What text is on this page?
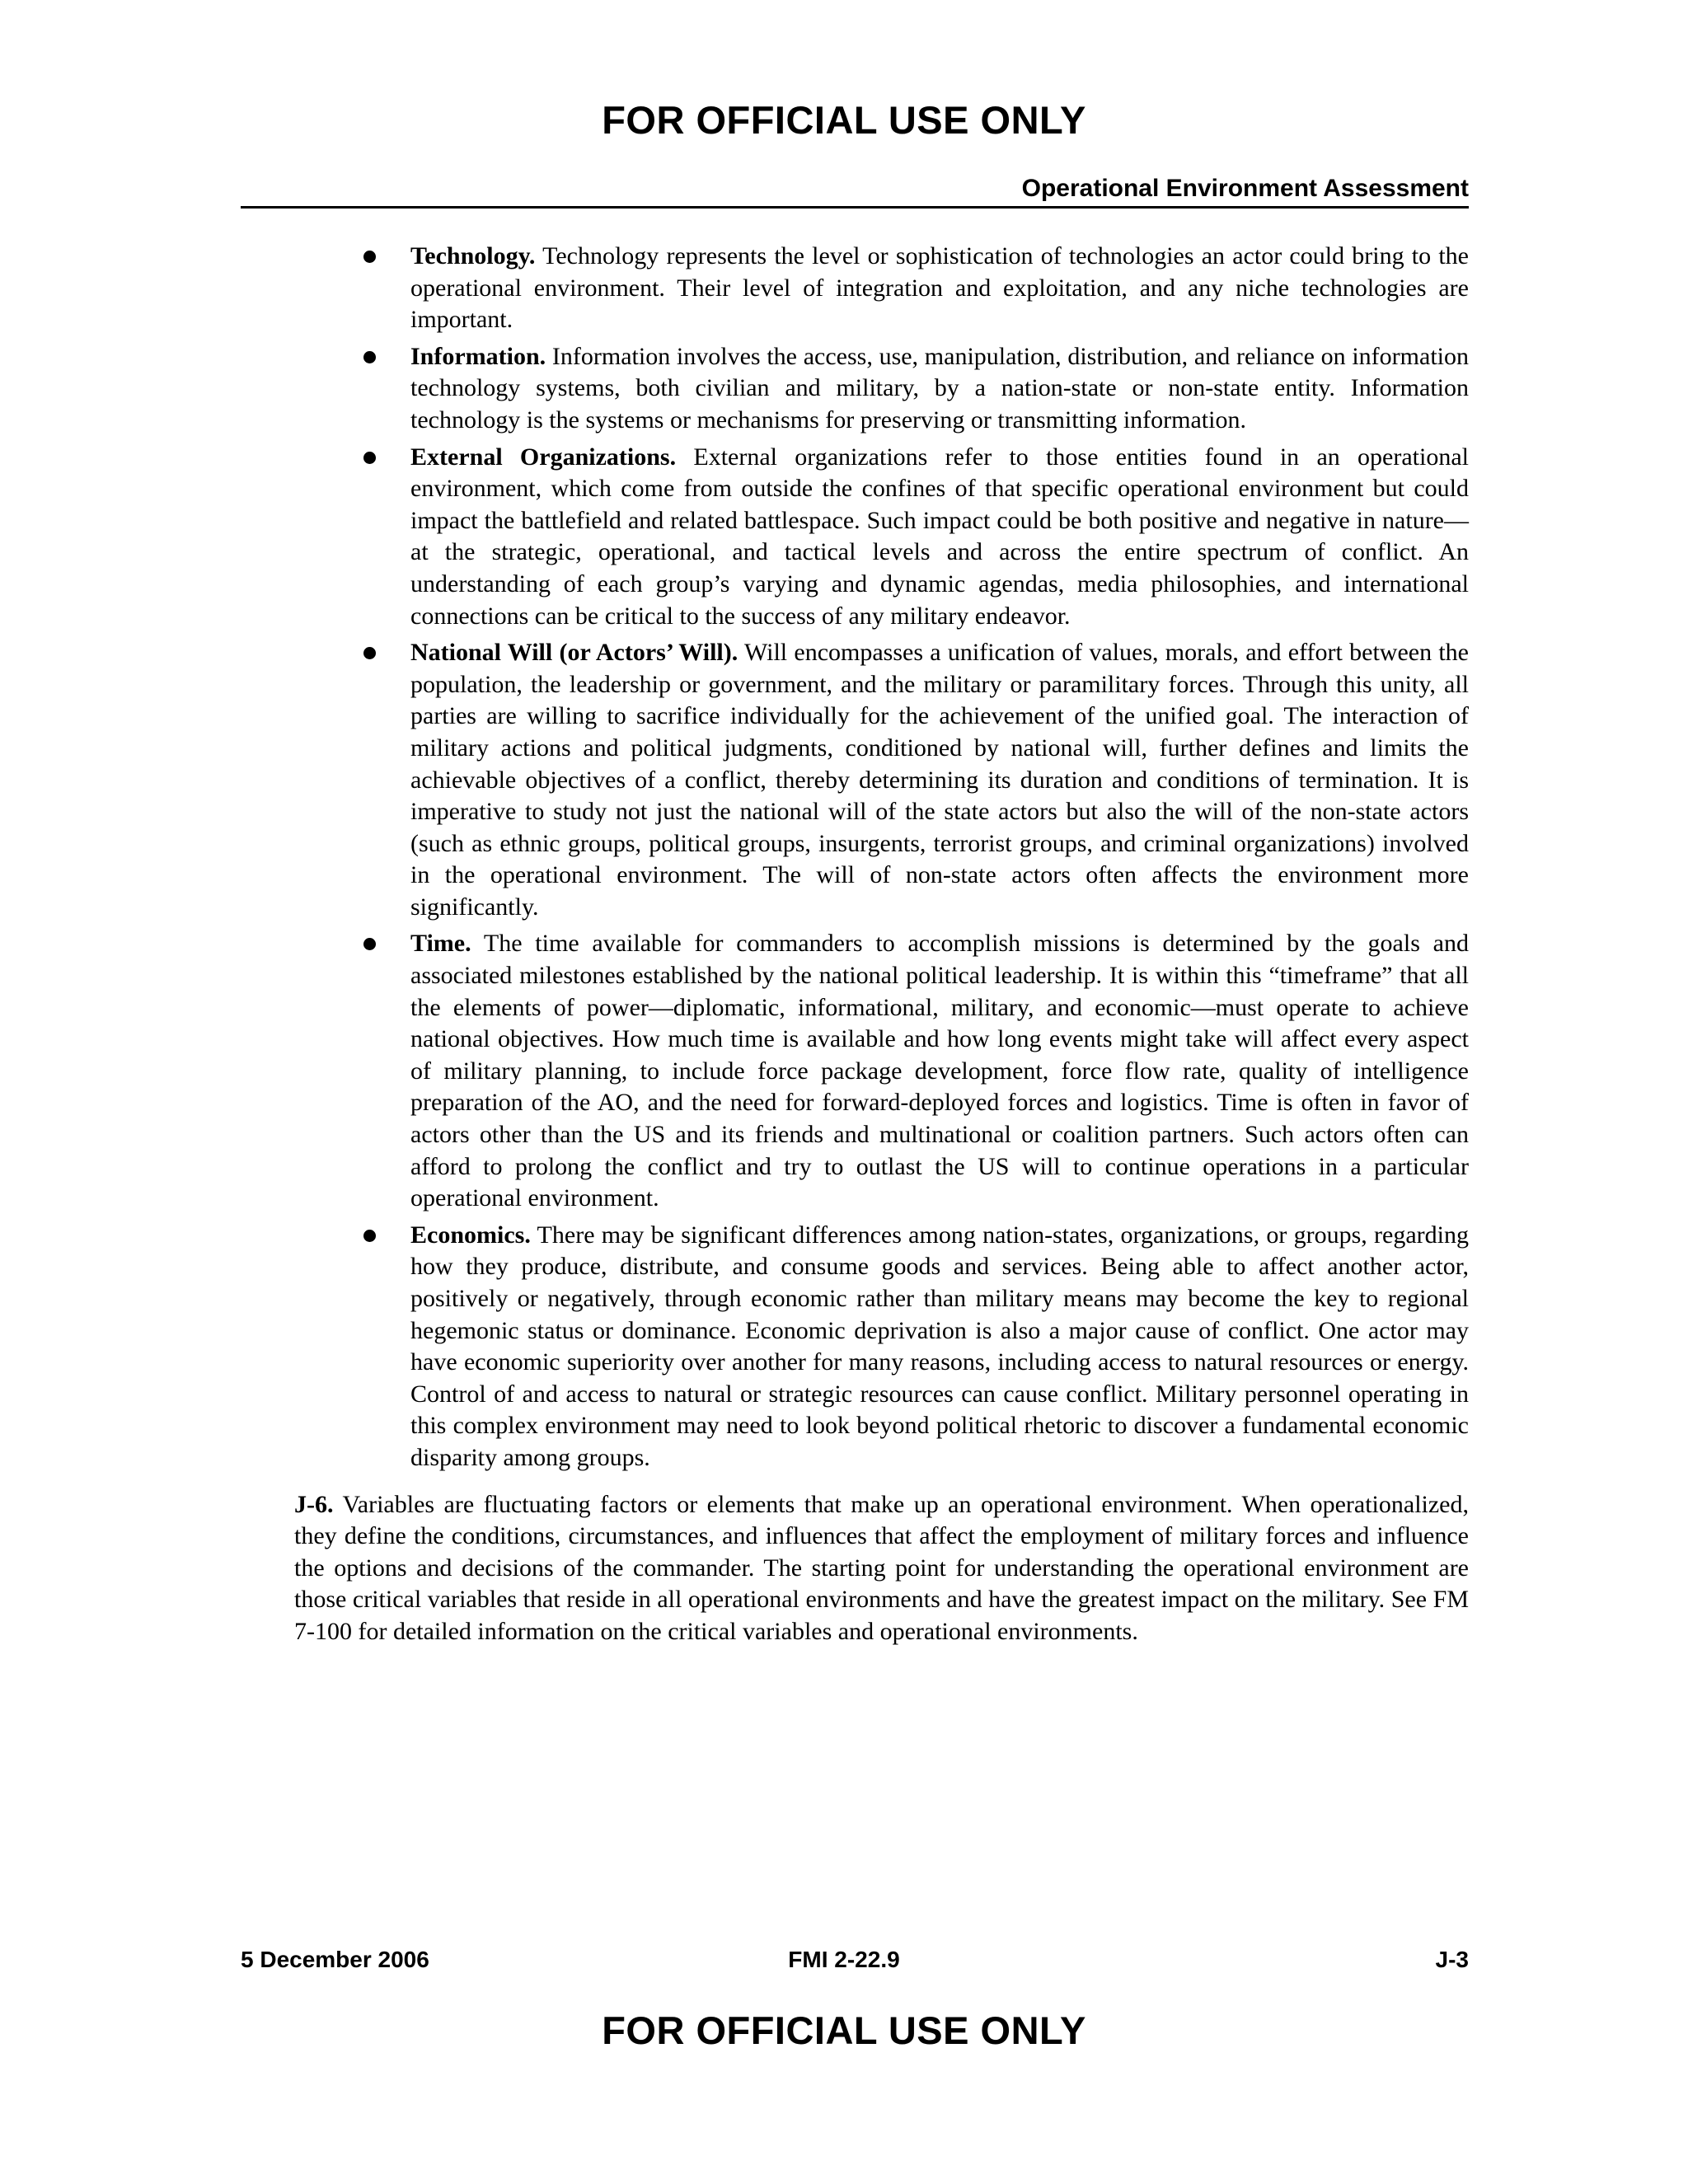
FOR OFFICIAL USE ONLY
Operational Environment Assessment
Technology. Technology represents the level or sophistication of technologies an actor could bring to the operational environment. Their level of integration and exploitation, and any niche technologies are important.
Information. Information involves the access, use, manipulation, distribution, and reliance on information technology systems, both civilian and military, by a nation-state or non-state entity. Information technology is the systems or mechanisms for preserving or transmitting information.
External Organizations. External organizations refer to those entities found in an operational environment, which come from outside the confines of that specific operational environment but could impact the battlefield and related battlespace. Such impact could be both positive and negative in nature—at the strategic, operational, and tactical levels and across the entire spectrum of conflict. An understanding of each group’s varying and dynamic agendas, media philosophies, and international connections can be critical to the success of any military endeavor.
National Will (or Actors’ Will). Will encompasses a unification of values, morals, and effort between the population, the leadership or government, and the military or paramilitary forces. Through this unity, all parties are willing to sacrifice individually for the achievement of the unified goal. The interaction of military actions and political judgments, conditioned by national will, further defines and limits the achievable objectives of a conflict, thereby determining its duration and conditions of termination. It is imperative to study not just the national will of the state actors but also the will of the non-state actors (such as ethnic groups, political groups, insurgents, terrorist groups, and criminal organizations) involved in the operational environment. The will of non-state actors often affects the environment more significantly.
Time. The time available for commanders to accomplish missions is determined by the goals and associated milestones established by the national political leadership. It is within this “timeframe” that all the elements of power—diplomatic, informational, military, and economic—must operate to achieve national objectives. How much time is available and how long events might take will affect every aspect of military planning, to include force package development, force flow rate, quality of intelligence preparation of the AO, and the need for forward-deployed forces and logistics. Time is often in favor of actors other than the US and its friends and multinational or coalition partners. Such actors often can afford to prolong the conflict and try to outlast the US will to continue operations in a particular operational environment.
Economics. There may be significant differences among nation-states, organizations, or groups, regarding how they produce, distribute, and consume goods and services. Being able to affect another actor, positively or negatively, through economic rather than military means may become the key to regional hegemonic status or dominance. Economic deprivation is also a major cause of conflict. One actor may have economic superiority over another for many reasons, including access to natural resources or energy. Control of and access to natural or strategic resources can cause conflict. Military personnel operating in this complex environment may need to look beyond political rhetoric to discover a fundamental economic disparity among groups.

J-6. Variables are fluctuating factors or elements that make up an operational environment. When operationalized, they define the conditions, circumstances, and influences that affect the employment of military forces and influence the options and decisions of the commander. The starting point for understanding the operational environment are those critical variables that reside in all operational environments and have the greatest impact on the military. See FM 7-100 for detailed information on the critical variables and operational environments.

5 December 2006	FMI 2-22.9	J-3
FOR OFFICIAL USE ONLY
